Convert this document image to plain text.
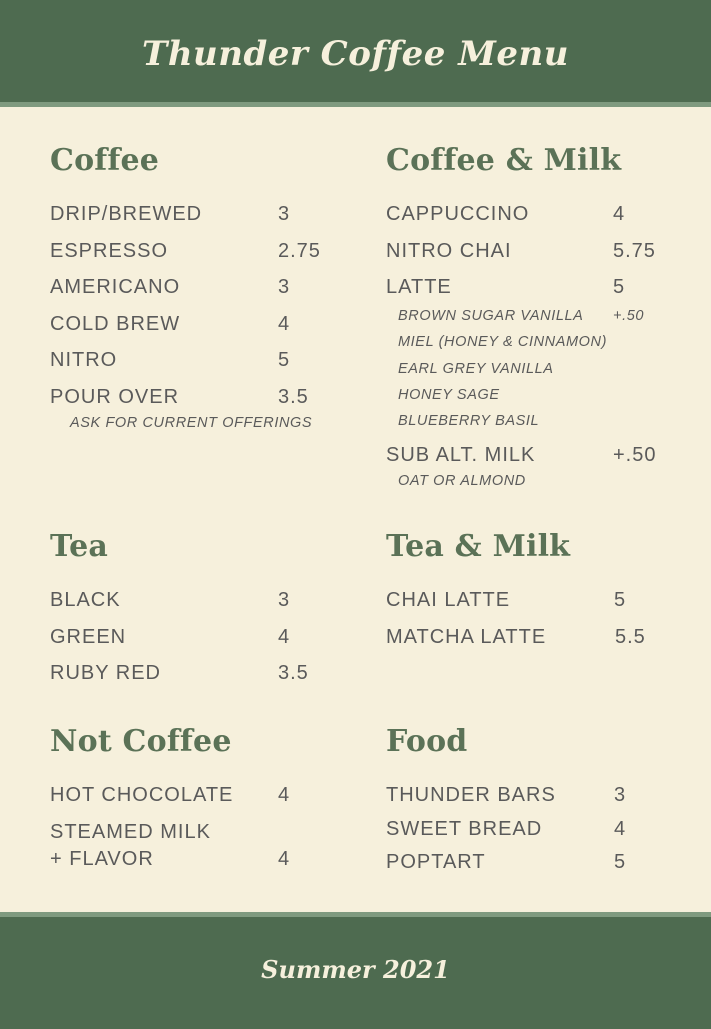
Thunder Coffee Menu
Coffee
DRIP/BREWED	3
ESPRESSO	2.75
AMERICANO	3
COLD BREW	4
NITRO	5
POUR OVER	3.5
ASK FOR CURRENT OFFERINGS
Coffee & Milk
CAPPUCCINO	4
NITRO CHAI	5.75
LATTE	5
BROWN SUGAR VANILLA +.50
MIEL (HONEY & CINNAMON)
EARL GREY VANILLA
HONEY SAGE
BLUEBERRY BASIL
SUB ALT. MILK	+.50
OAT OR ALMOND
Tea
BLACK	3
GREEN	4
RUBY RED	3.5
Tea & Milk
CHAI LATTE	5
MATCHA LATTE	5.5
Not Coffee
HOT CHOCOLATE 4
STEAMED MILK
+ FLAVOR	4
Food
THUNDER BARS	3
SWEET BREAD	4
POPTART	5
Summer 2021
